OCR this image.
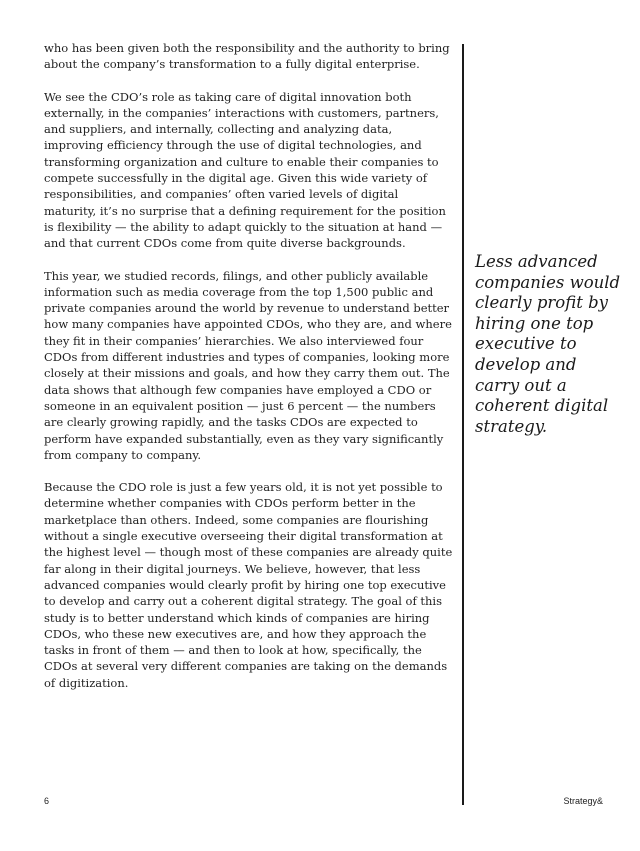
who has been given both the responsibility and the authority to bring about the company’s transformation to a fully digital enterprise.

We see the CDO’s role as taking care of digital innovation both externally, in the companies’ interactions with customers, partners, and suppliers, and internally, collecting and analyzing data, improving efficiency through the use of digital technologies, and transforming organization and culture to enable their companies to compete successfully in the digital age. Given this wide variety of responsibilities, and companies’ often varied levels of digital maturity, it’s no surprise that a defining requirement for the position is flexibility — the ability to adapt quickly to the situation at hand — and that current CDOs come from quite diverse backgrounds.

This year, we studied records, filings, and other publicly available information such as media coverage from the top 1,500 public and private companies around the world by revenue to understand better how many companies have appointed CDOs, who they are, and where they fit in their companies’ hierarchies. We also interviewed four CDOs from different industries and types of companies, looking more closely at their missions and goals, and how they carry them out. The data shows that although few companies have employed a CDO or someone in an equivalent position — just 6 percent — the numbers are clearly growing rapidly, and the tasks CDOs are expected to perform have expanded substantially, even as they vary significantly from company to company.

Because the CDO role is just a few years old, it is not yet possible to determine whether companies with CDOs perform better in the marketplace than others. Indeed, some companies are flourishing without a single executive overseeing their digital transformation at the highest level — though most of these companies are already quite far along in their digital journeys. We believe, however, that less advanced companies would clearly profit by hiring one top executive to develop and carry out a coherent digital strategy. The goal of this study is to better understand which kinds of companies are hiring CDOs, who these new executives are, and how they approach the tasks in front of them — and then to look at how, specifically, the CDOs at several very different companies are taking on the demands of digitization.

Less advanced companies would clearly profit by hiring one top executive to develop and carry out a coherent digital strategy.
6	Strategy&
